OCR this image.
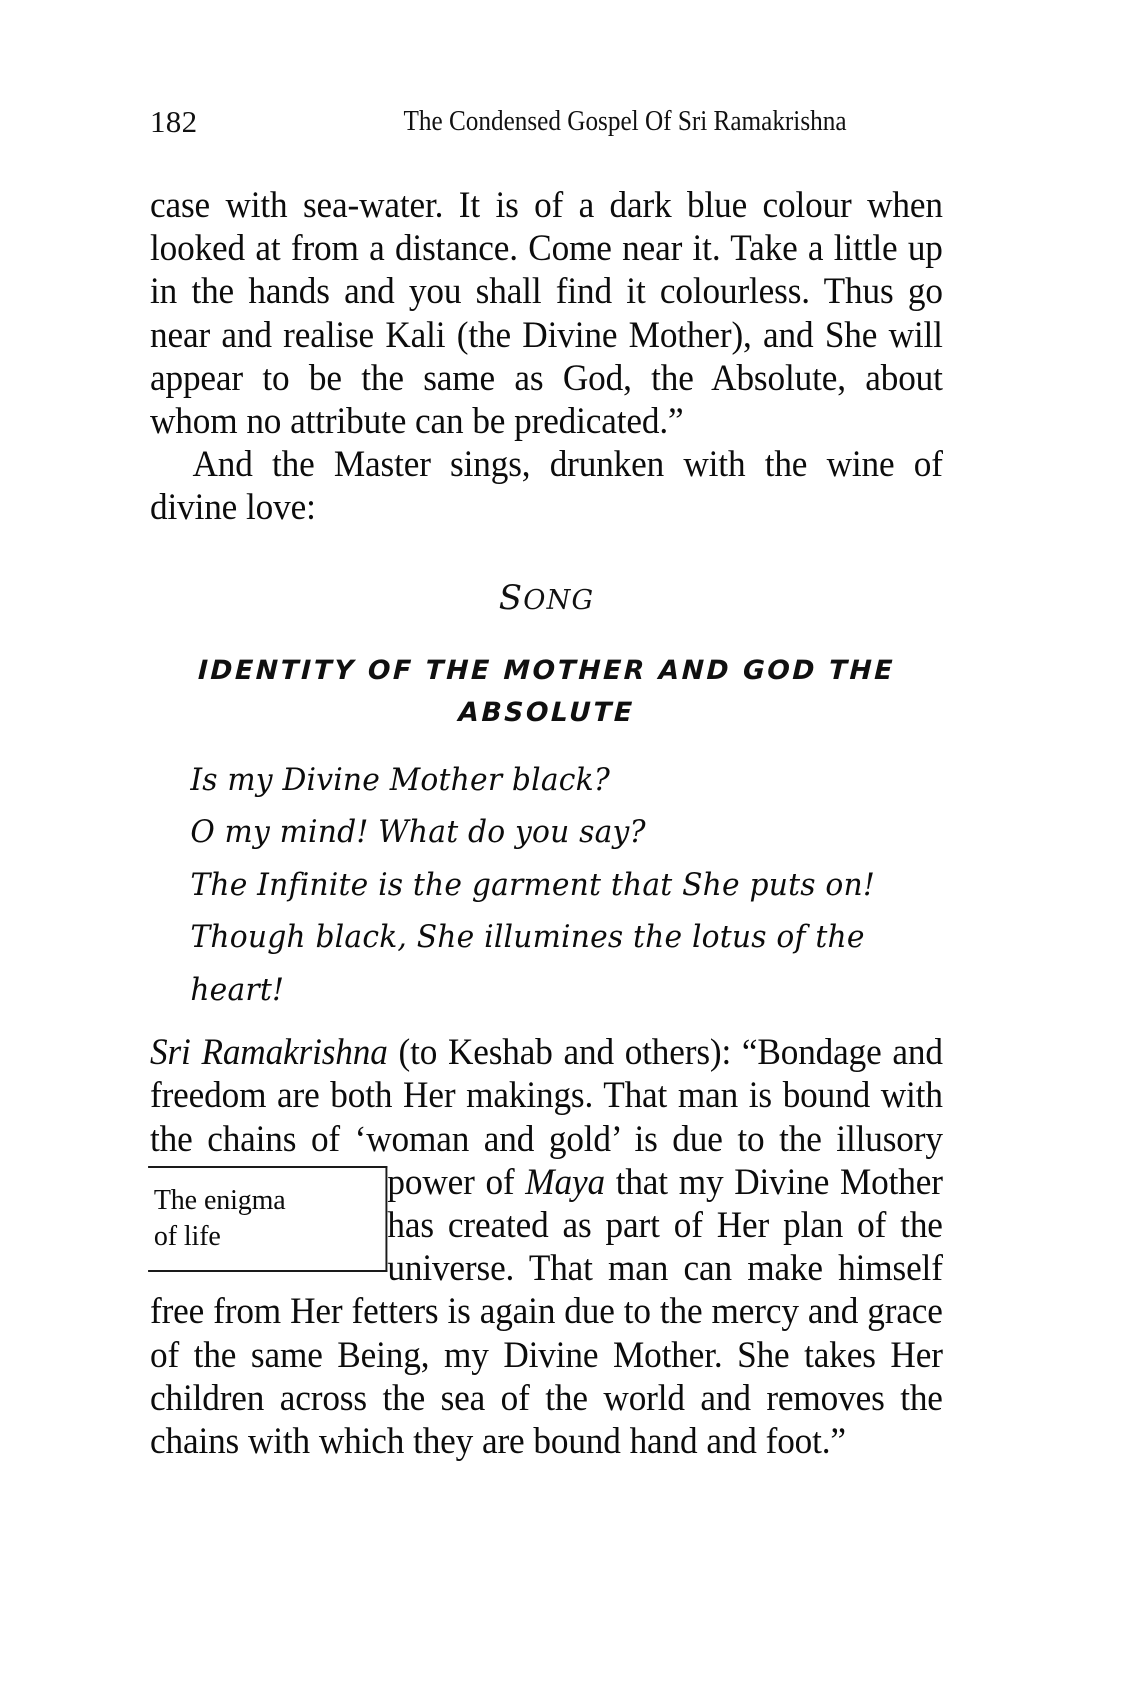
182	The Condensed Gospel Of Sri Ramakrishna

case with sea-water. It is of a dark blue colour when looked at from a distance. Come near it. Take a little up in the hands and you shall find it colourless. Thus go near and realise Kali (the Divine Mother), and She will appear to be the same as God, the Absolute, about whom no attribute can be predicated.”

And the Master sings, drunken with the wine of divine love:

SONG

IDENTITY OF THE MOTHER AND GOD THE

ABSOLUTE

Is my Divine Mother black?

O my mind! What do you say?

The Infinite is the garment that She puts on!

Though black, She illumines the lotus of the heart!

Sri Ramakrishna (to Keshab and others): “Bondage and freedom are both Her makings. That man is bound with the chains of ‘woman and gold’ is due to the
The enigma
of life
illusory power of Maya that my Divine Mother has created as part of Her plan of the universe. That man can make himself free from Her fetters is again due to the mercy and grace of the same Being, my Divine Mother. She takes Her children across the sea of the world and removes the chains with which they are bound hand and foot.”
